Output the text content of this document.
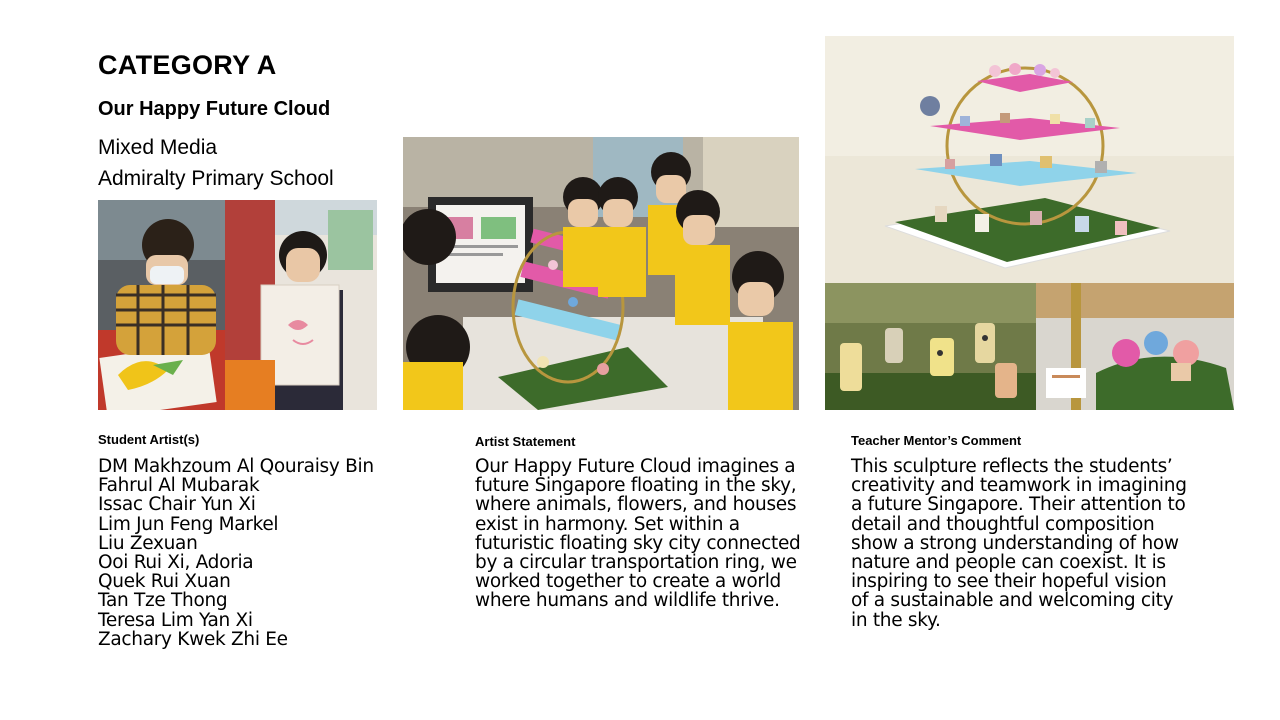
CATEGORY A
Our Happy Future Cloud
Mixed Media
Admiralty Primary School
Student Artist(s)
DM Makhzoum Al Qouraisy Bin
Fahrul Al Mubarak
Issac Chair Yun Xi
Lim Jun Feng Markel
Liu Zexuan
Ooi Rui Xi, Adoria
Quek Rui Xuan
Tan Tze Thong
Teresa Lim Yan Xi
Zachary Kwek Zhi Ee
Artist Statement
Our Happy Future Cloud imagines a future Singapore floating in the sky, where animals, flowers, and houses exist in harmony. Set within a futuristic floating sky city connected by a circular transportation ring, we worked together to create a world where humans and wildlife thrive.
Teacher Mentor’s Comment
This sculpture reflects the students’ creativity and teamwork in imagining a future Singapore. Their attention to detail and thoughtful composition show a strong understanding of how nature and people can coexist. It is inspiring to see their hopeful vision of a sustainable and welcoming city in the sky.
